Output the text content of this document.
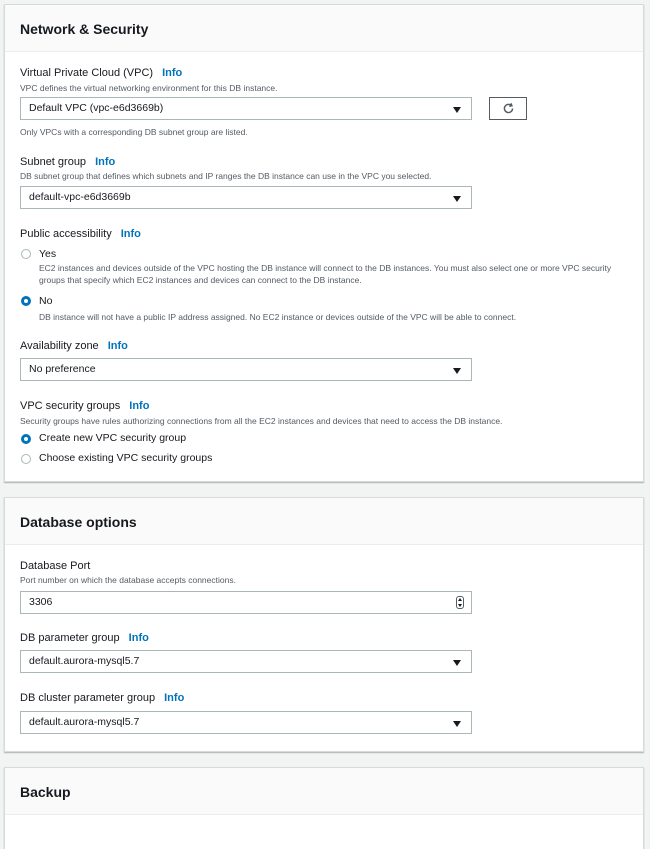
Network & Security
Virtual Private Cloud (VPC) Info
VPC defines the virtual networking environment for this DB instance.
Default VPC (vpc-e6d3669b)
Only VPCs with a corresponding DB subnet group are listed.
Subnet group Info
DB subnet group that defines which subnets and IP ranges the DB instance can use in the VPC you selected.
default-vpc-e6d3669b
Public accessibility Info
Yes
EC2 instances and devices outside of the VPC hosting the DB instance will connect to the DB instances. You must also select one or more VPC security groups that specify which EC2 instances and devices can connect to the DB instance.
No
DB instance will not have a public IP address assigned. No EC2 instance or devices outside of the VPC will be able to connect.
Availability zone Info
No preference
VPC security groups Info
Security groups have rules authorizing connections from all the EC2 instances and devices that need to access the DB instance.
Create new VPC security group
Choose existing VPC security groups
Database options
Database Port
Port number on which the database accepts connections.
3306
DB parameter group Info
default.aurora-mysql5.7
DB cluster parameter group Info
default.aurora-mysql5.7
Backup
